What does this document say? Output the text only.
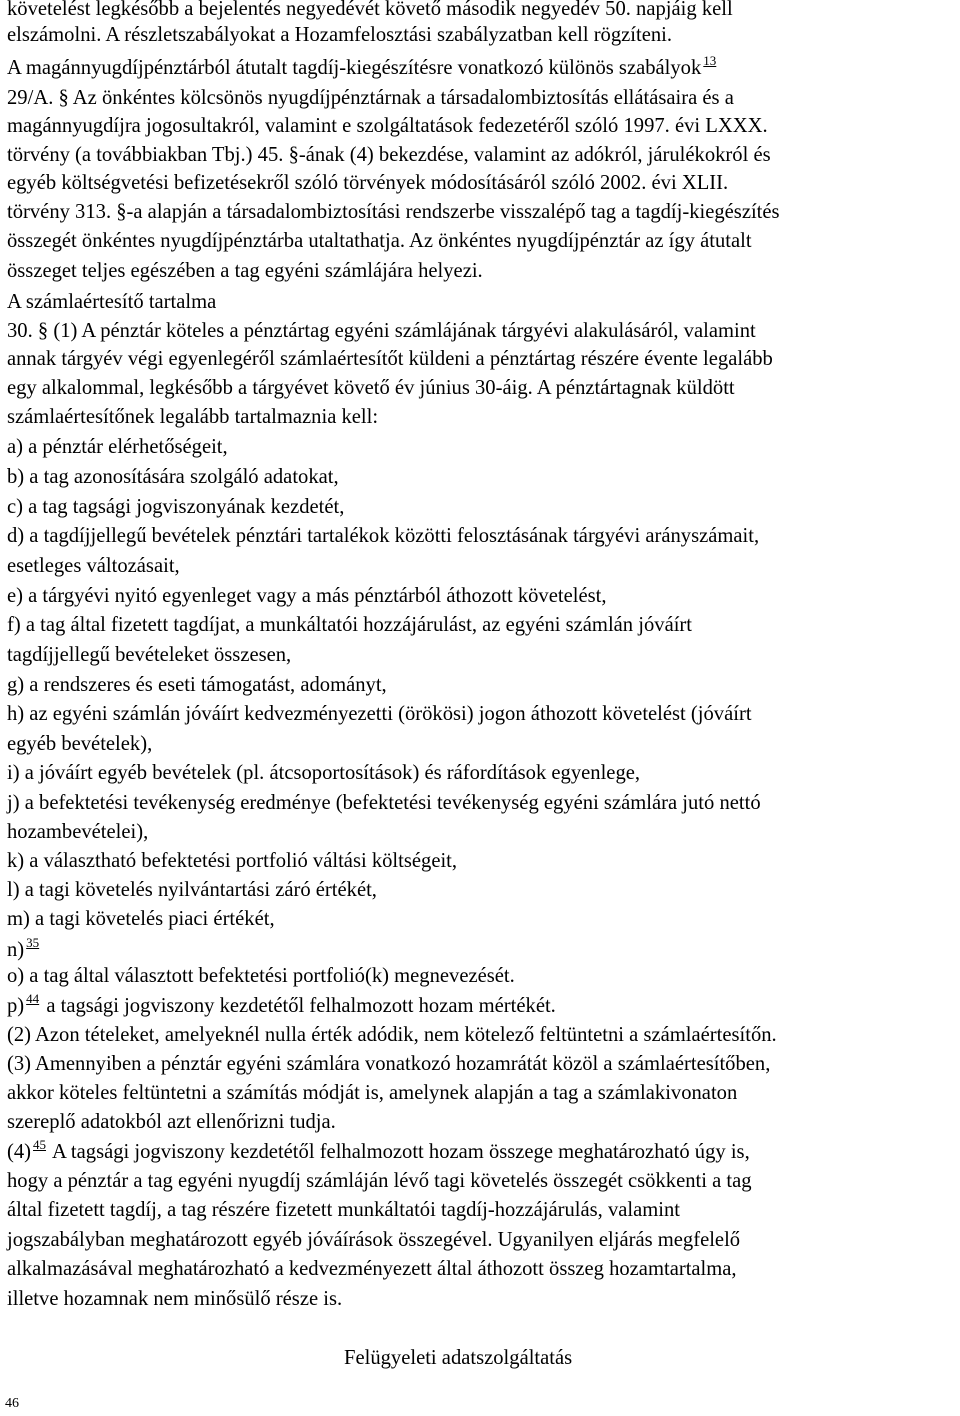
követelést legkésőbb a bejelentés negyedévét követő második negyedév 50. napjáig kell
elszámolni. A részletszabályokat a Hozamfelosztási szabályzatban kell rögzíteni.
A magánnyugdíjpénztárból átutalt tagdíj-kiegészítésre vonatkozó különös szabályok $^{13}$
29/A. § Az önkéntes kölcsönös nyugdíjpénztárnak a társadalombiztosítás ellátásaira és a
magánnyugdíjra jogosultakról, valamint e szolgáltatások fedezetéről szóló 1997. évi LXXX.
törvény (a továbbiakban Tbj.) 45. §-ának (4) bekezdése, valamint az adókról, járulékokról és
egyéb költségvetési befizetésekről szóló törvények módosításáról szóló 2002. évi XLII.
törvény 313. §-a alapján a társadalombiztosítási rendszerbe visszalépő tag a tagdíj-kiegészítés
összegét önkéntes nyugdíjpénztárba utaltathatja. Az önkéntes nyugdíjpénztár az így átutalt
összeget teljes egészében a tag egyéni számlájára helyezi.
A számlaértesítő tartalma
30. § (1) A pénztár köteles a pénztártag egyéni számlájának tárgyévi alakulásáról, valamint
annak tárgyév végi egyenlegéről számlaértesítőt küldeni a pénztártag részére évente legalább
egy alkalommal, legkésőbb a tárgyévet követő év június 30-áig. A pénztártagnak küldött
számlaértesítőnek legalább tartalmaznia kell:
a) a pénztár elérhetőségeit,
b) a tag azonosítására szolgáló adatokat,
c) a tag tagsági jogviszonyának kezdetét,
d) a tagdíjjellegű bevételek pénztári tartalékok közötti felosztásának tárgyévi arányszámait,
esetleges változásait,
e) a tárgyévi nyitó egyenleget vagy a más pénztárból áthozott követelést,
f) a tag által fizetett tagdíjat, a munkáltatói hozzájárulást, az egyéni számlán jóváírt
tagdíjjellegű bevételeket összesen,
g) a rendszeres és eseti támogatást, adományt,
h) az egyéni számlán jóváírt kedvezményezetti (örökösi) jogon áthozott követelést (jóváírt
egyéb bevételek),
i) a jóváírt egyéb bevételek (pl. átcsoportosítások) és ráfordítások egyenlege,
j) a befektetési tevékenység eredménye (befektetési tevékenység egyéni számlára jutó nettó
hozambevételei),
k) a választható befektetési portfolió váltási költségeit,
l) a tagi követelés nyilvántartási záró értékét,
m) a tagi követelés piaci értékét,
n) $^{35}$
o) a tag által választott befektetési portfolió(k) megnevezését.
p) $^{44}$ a tagsági jogviszony kezdetétől felhalmozott hozam mértékét.
(2) Azon tételeket, amelyeknél nulla érték adódik, nem kötelező feltüntetni a számlaértesítőn.
(3) Amennyiben a pénztár egyéni számlára vonatkozó hozamrátát közöl a számlaértesítőben,
akkor köteles feltüntetni a számítás módját is, amelynek alapján a tag a számlakivonaton
szereplő adatokból azt ellenőrizni tudja.
(4) $^{45}$ A tagsági jogviszony kezdetétől felhalmozott hozam összege meghatározható úgy is,
hogy a pénztár a tag egyéni nyugdíj számláján lévő tagi követelés összegét csökkenti a tag
által fizetett tagdíj, a tag részére fizetett munkáltatói tagdíj-hozzájárulás, valamint
jogszabályban meghatározott egyéb jóváírások összegével. Ugyanilyen eljárás megfelelő
alkalmazásával meghatározható a kedvezményezett által áthozott összeg hozamtartalma,
illetve hozamnak nem minősülő része is.
Felügyeleti adatszolgáltatás
46
